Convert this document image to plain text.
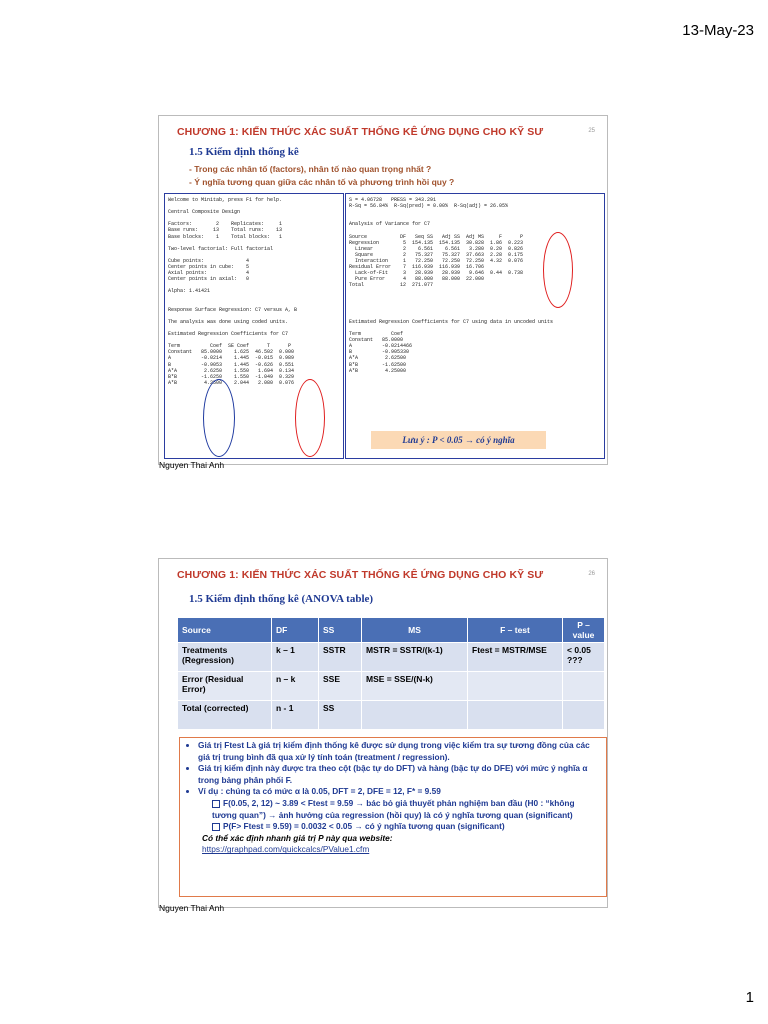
13-May-23
CHƯƠNG 1: KIẾN THỨC XÁC SUẤT THỐNG KÊ ỨNG DỤNG CHO KỸ SƯ	25
1.5 Kiểm định thống kê
- Trong các nhân tố (factors), nhân tố nào quan trọng nhất ?
- Ý nghĩa tương quan giữa các nhân tố và phương trình hồi quy ?
Welcome to Minitab, press F1 for help.

Central Composite Design

Factors:        2    Replicates:     1
Base runs:     13    Total runs:    13
Base blocks:    1    Total blocks:   1

Two-level factorial: Full factorial

Cube points:              4
Center points in cube:    5
Axial points:             4
Center points in axial:   0

Alpha: 1.41421

Response Surface Regression: C7 versus A, B

The analysis was done using coded units.

Estimated Regression Coefficients for C7

Term          Coef  SE Coef      T      P
Constant   85.0000    1.625  46.502  0.000
A          -0.0214    1.445  -0.015  0.989
B          -0.9053    1.445  -0.626  0.551
A*A         2.6250    1.550   1.694  0.134
B*B        -1.6250    1.550  -1.049  0.329
A*B         4.2500    2.044   2.080  0.076
S = 4.06728   PRESS = 343.291
R-Sq = 56.84%  R-Sq(pred) = 0.00%  R-Sq(adj) = 26.05%

Analysis of Variance for C7

Source           DF   Seq SS   Adj SS  Adj MS     F      P
Regression        5  154.135  154.135  30.828  1.86  0.223
Linear          2    6.561    6.561   3.280  0.20  0.826
Square          2   75.327   75.327  37.663  2.28  0.175
Interaction     1   72.250   72.250  72.250  4.32  0.076
Residual Error    7  116.939  116.939  16.706
Lack-of-Fit     3   28.939   28.939   9.646  0.44  0.738
Pure Error      4   88.000   88.000  22.000
Total            12  271.077

Estimated Regression Coefficients for C7 using data in uncoded units

Term          Coef
Constant   85.0000
A          -0.0214466
B          -0.905330
A*A         2.62500
B*B        -1.62500
A*B         4.25000
Lưu ý : P < 0.05 → có ý nghĩa
Nguyen Thai Anh
CHƯƠNG 1: KIẾN THỨC XÁC SUẤT THỐNG KÊ ỨNG DỤNG CHO KỸ SƯ	26
1.5 Kiểm định thống kê (ANOVA table)
Source	DF	SS	MS	F – test	P – value
Treatments (Regression)	k – 1	SSTR	MSTR = SSTR/(k-1)	Ftest = MSTR/MSE	< 0.05 ???
Error (Residual Error)	n – k	SSE	MSE = SSE/(N-k)		
Total (corrected)	n - 1	SS			
• Giá trị Ftest Là giá trị kiểm định thống kê được sử dụng trong việc kiểm tra sự tương đồng của các giá trị trung bình đã qua xử lý tính toán (treatment / regression).
• Giá trị kiểm định này được tra theo cột (bậc tự do DFT) và hàng (bậc tự do DFE) với mức ý nghĩa α trong bảng phân phối F.
• Ví dụ : chúng ta có mức α là 0.05, DFT = 2, DFE = 12, F* = 9.59
F(0.05, 2, 12) ~ 3.89 < Ftest = 9.59 → bác bỏ giả thuyết phản nghiệm ban đầu (H0 : “không tương quan”) → ảnh hưởng của regression (hồi quy) là có ý nghĩa tương quan (significant)
P(F> Ftest = 9.59) = 0.0032 < 0.05 → có ý nghĩa tương quan (significant)
Có thể xác định nhanh giá trị P này qua website:
https://graphpad.com/quickcalcs/PValue1.cfm
Nguyen Thai Anh
1
